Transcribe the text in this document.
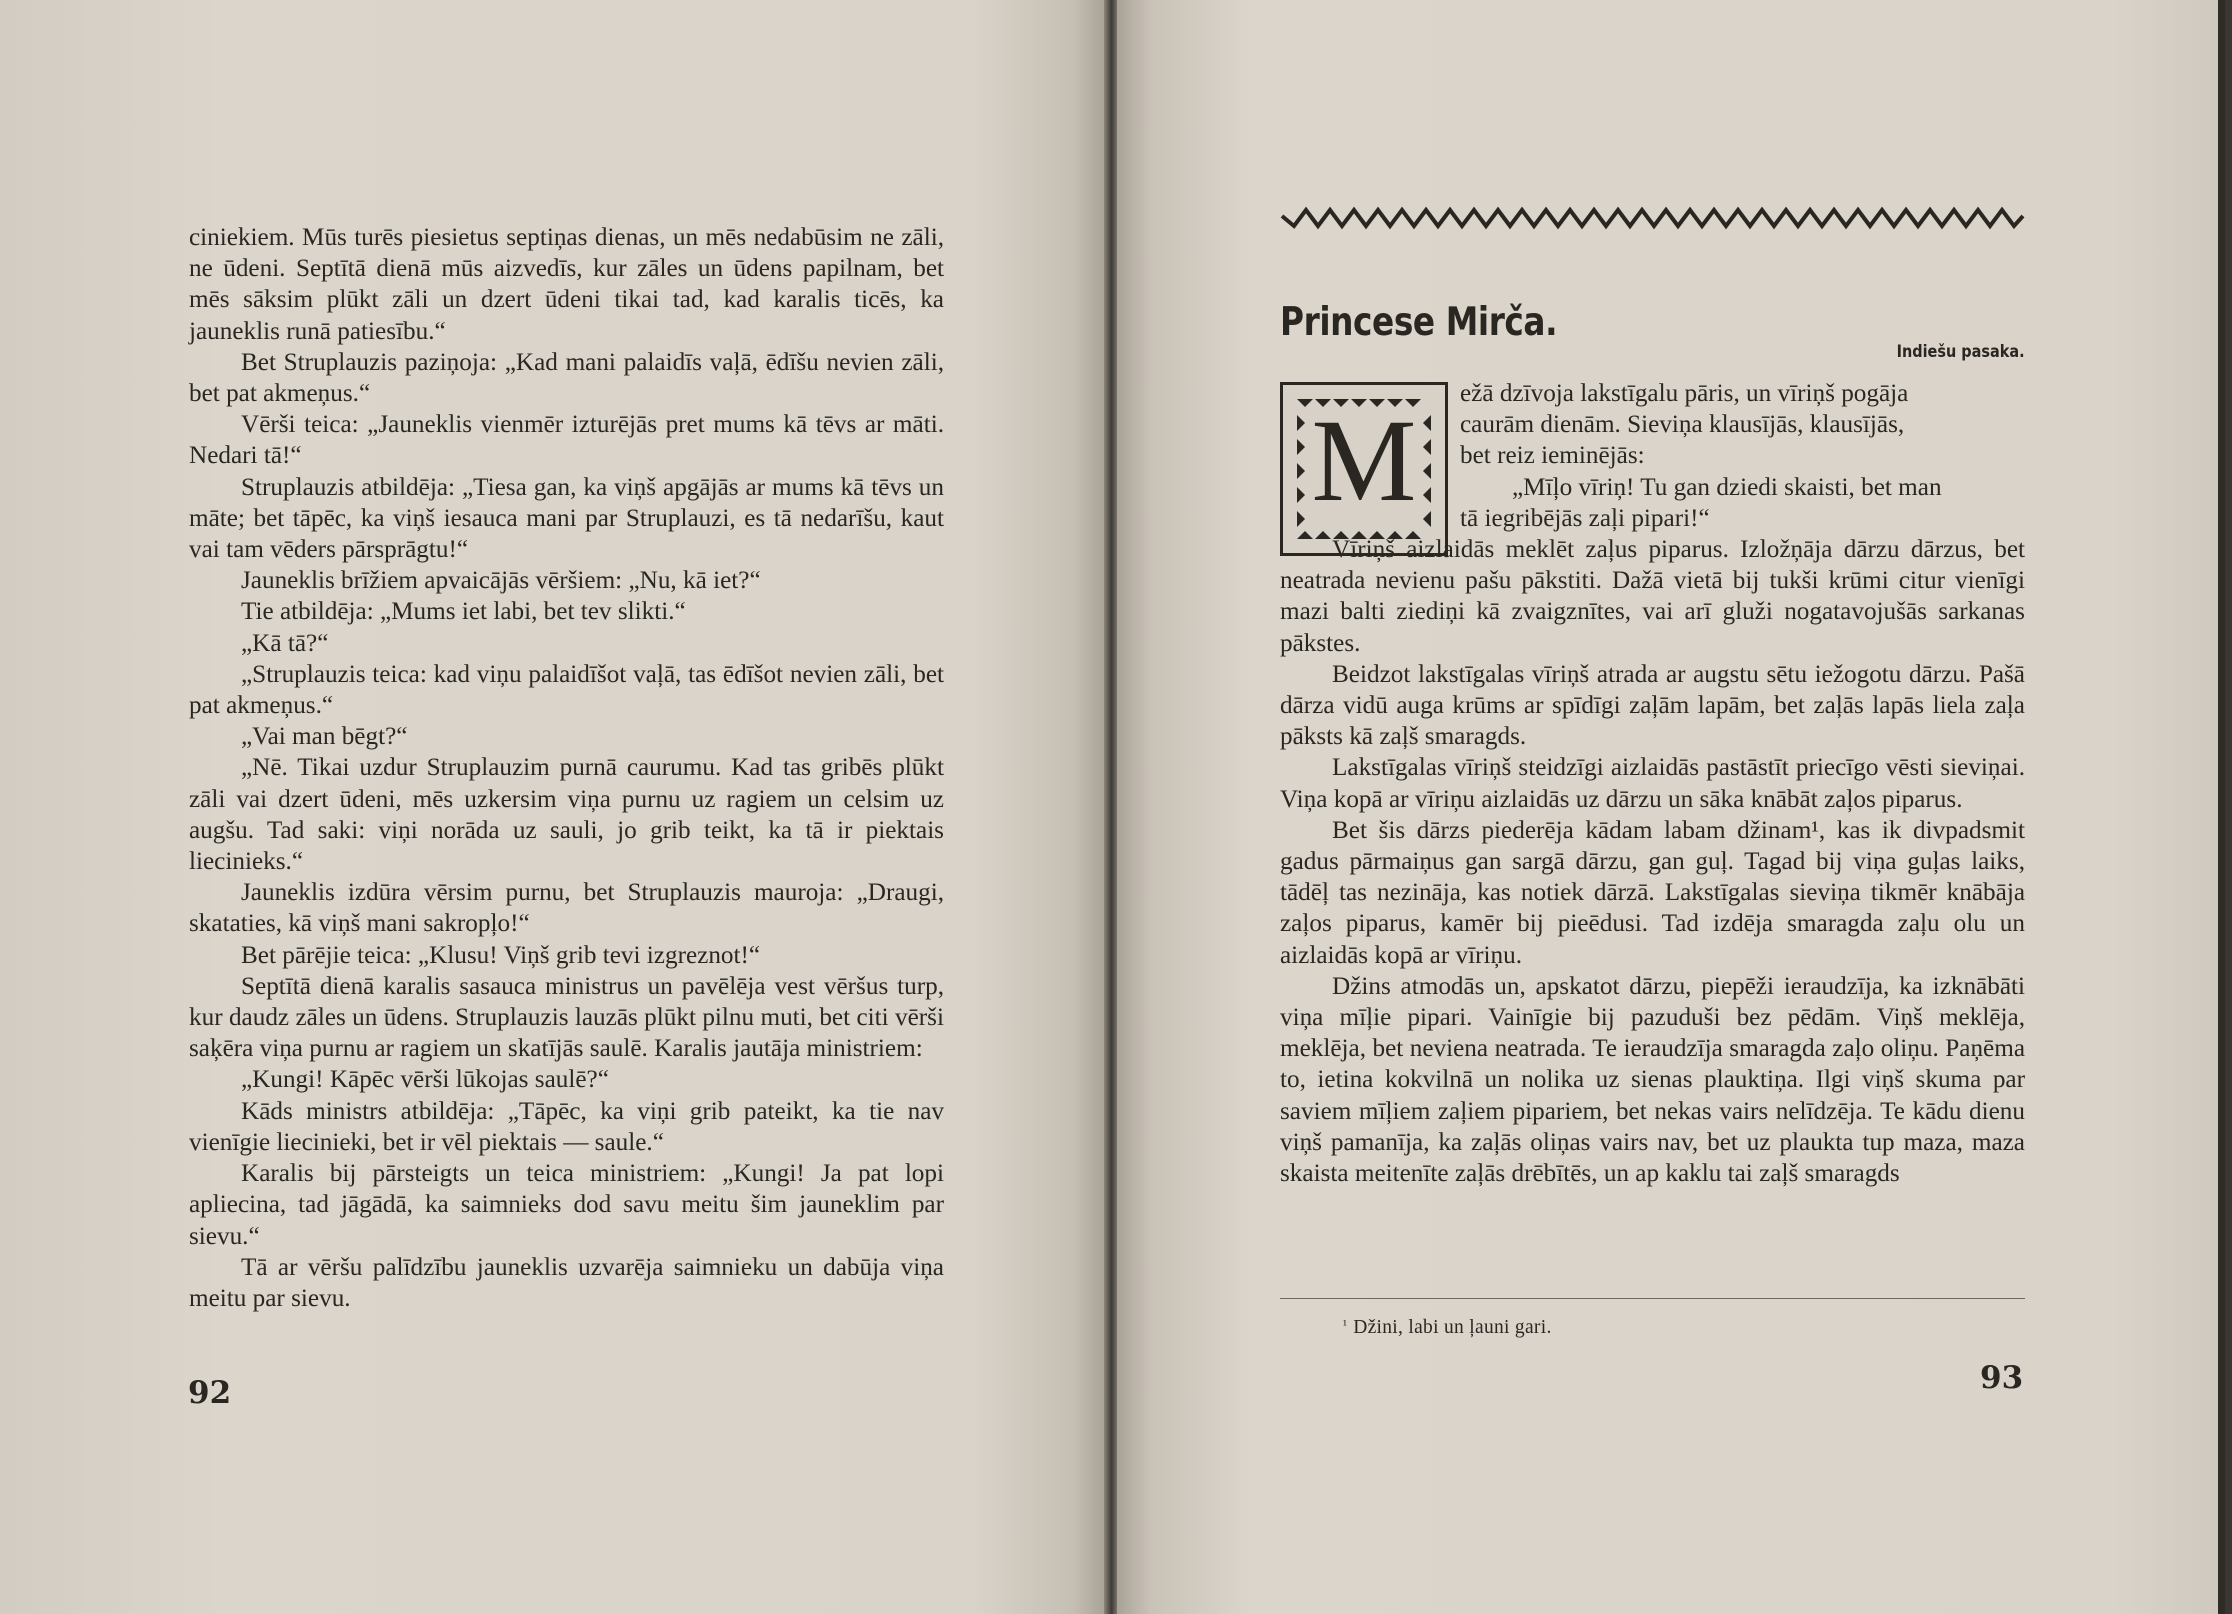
ciniekiem. Mūs turēs piesietus septiņas dienas, un mēs nedabūsim ne zāli, ne ūdeni. Septītā dienā mūs aizvedīs, kur zāles un ūdens papilnam, bet mēs sāksim plūkt zāli un dzert ūdeni tikai tad, kad karalis ticēs, ka jauneklis runā patiesību.“

Bet Struplauzis paziņoja: „Kad mani palaidīs vaļā, ēdīšu nevien zāli, bet pat akmeņus.“

Vērši teica: „Jauneklis vienmēr izturējās pret mums kā tēvs ar māti. Nedari tā!“

Struplauzis atbildēja: „Tiesa gan, ka viņš apgājās ar mums kā tēvs un māte; bet tāpēc, ka viņš iesauca mani par Struplauzi, es tā nedarīšu, kaut vai tam vēders pārsprāgtu!“

Jauneklis brīžiem apvaicājās vēršiem: „Nu, kā iet?“

Tie atbildēja: „Mums iet labi, bet tev slikti.“

„Kā tā?“

„Struplauzis teica: kad viņu palaidīšot vaļā, tas ēdīšot nevien zāli, bet pat akmeņus.“

„Vai man bēgt?“

„Nē. Tikai uzdur Struplauzim purnā caurumu. Kad tas gribēs plūkt zāli vai dzert ūdeni, mēs uzkersim viņa purnu uz ragiem un celsim uz augšu. Tad saki: viņi norāda uz sauli, jo grib teikt, ka tā ir piektais liecinieks.“

Jauneklis izdūra vērsim purnu, bet Struplauzis mauroja: „Draugi, skataties, kā viņš mani sakropļo!“

Bet pārējie teica: „Klusu! Viņš grib tevi izgreznot!“

Septītā dienā karalis sasauca ministrus un pavēlēja vest vēršus turp, kur daudz zāles un ūdens. Struplauzis lauzās plūkt pilnu muti, bet citi vērši saķēra viņa purnu ar ragiem un skatījās saulē. Karalis jautāja ministriem:

„Kungi! Kāpēc vērši lūkojas saulē?“

Kāds ministrs atbildēja: „Tāpēc, ka viņi grib pateikt, ka tie nav vienīgie liecinieki, bet ir vēl piektais — saule.“

Karalis bij pārsteigts un teica ministriem: „Kungi! Ja pat lopi apliecina, tad jāgādā, ka saimnieks dod savu meitu šim jauneklim par sievu.“

Tā ar vēršu palīdzību jauneklis uzvarēja saimnieku un dabūja viņa meitu par sievu.

92
Princese Mirča.
Indiešu pasaka.
M
ežā dzīvoja lakstīgalu pāris, un vīriņš pogāja
caurām dienām. Sieviņa klausījās, klausījās,
bet reiz ieminējās:
„Mīļo vīriņ! Tu gan dziedi skaisti, bet man
tā iegribējās zaļi pipari!“

Vīriņš aizlaidās meklēt zaļus piparus. Izložņāja dārzu dārzus, bet neatrada nevienu pašu pākstiti. Dažā vietā bij tukši krūmi citur vienīgi mazi balti ziediņi kā zvaigznītes, vai arī gluži nogatavojušās sarkanas pākstes.

Beidzot lakstīgalas vīriņš atrada ar augstu sētu iežogotu dārzu. Pašā dārza vidū auga krūms ar spīdīgi zaļām lapām, bet zaļās lapās liela zaļa pāksts kā zaļš smaragds.

Lakstīgalas vīriņš steidzīgi aizlaidās pastāstīt priecīgo vēsti sieviņai. Viņa kopā ar vīriņu aizlaidās uz dārzu un sāka knābāt zaļos piparus.

Bet šis dārzs piederēja kādam labam džinam¹, kas ik divpadsmit gadus pārmaiņus gan sargā dārzu, gan guļ. Tagad bij viņa guļas laiks, tādēļ tas nezināja, kas notiek dārzā. Lakstīgalas sieviņa tikmēr knābāja zaļos piparus, kamēr bij pieēdusi. Tad izdēja smaragda zaļu olu un aizlaidās kopā ar vīriņu.

Džins atmodās un, apskatot dārzu, piepēži ieraudzīja, ka izknābāti viņa mīļie pipari. Vainīgie bij pazuduši bez pēdām. Viņš meklēja, meklēja, bet neviena neatrada. Te ieraudzīja smaragda zaļo oliņu. Paņēma to, ietina kokvilnā un nolika uz sienas plauktiņa. Ilgi viņš skuma par saviem mīļiem zaļiem pipariem, bet nekas vairs nelīdzēja. Te kādu dienu viņš pamanīja, ka zaļās oliņas vairs nav, bet uz plaukta tup maza, maza skaista meitenīte zaļās drēbītēs, un ap kaklu tai zaļš smaragds

$^{^1}$ Džini, labi un ļauni gari.
93
